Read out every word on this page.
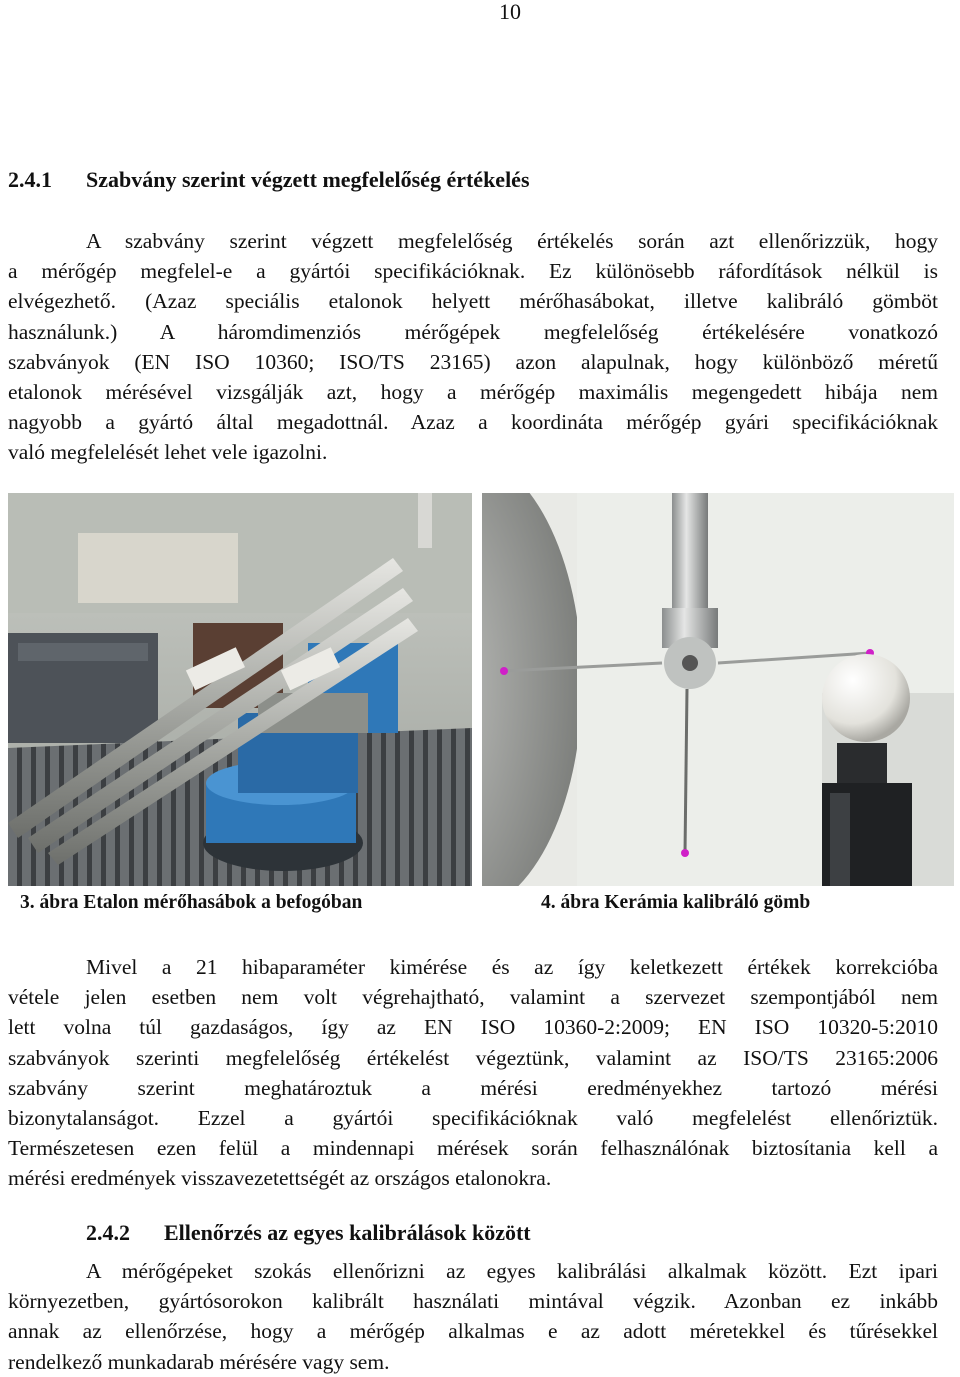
10
2.4.1 Szabvány szerint végzett megfelelőség értékelés
A szabvány szerint végzett megfelelőség értékelés során azt ellenőrizzük, hogy
a mérőgép megfelel-e a gyártói specifikációknak. Ez különösebb ráfordítások nélkül is
elvégezhető. (Azaz speciális etalonok helyett mérőhasábokat, illetve kalibráló gömböt
használunk.) A háromdimenziós mérőgépek megfelelőség értékelésére vonatkozó
szabványok (EN ISO 10360; ISO/TS 23165) azon alapulnak, hogy különböző méretű
etalonok mérésével vizsgálják azt, hogy a mérőgép maximális megengedett hibája nem
nagyobb a gyártó által megadottnál. Azaz a koordináta mérőgép gyári specifikációknak
való megfelelését lehet vele igazolni.
3. ábra Etalon mérőhasábok a befogóban	4. ábra Kerámia kalibráló gömb
Mivel a 21 hibaparaméter kimérése és az így keletkezett értékek korrekcióba
vétele jelen esetben nem volt végrehajtható, valamint a szervezet szempontjából nem
lett volna túl gazdaságos, így az EN ISO 10360-2:2009; EN ISO 10320-5:2010
szabványok szerinti megfelelőség értékelést végeztünk, valamint az ISO/TS 23165:2006
szabvány szerint meghatároztuk a mérési eredményekhez tartozó mérési
bizonytalanságot. Ezzel a gyártói specifikációknak való megfelelést ellenőriztük.
Természetesen ezen felül a mindennapi mérések során felhasználónak biztosítania kell a
mérési eredmények visszavezetettségét az országos etalonokra.
2.4.2 Ellenőrzés az egyes kalibrálások között
A mérőgépeket szokás ellenőrizni az egyes kalibrálási alkalmak között. Ezt ipari
környezetben, gyártósorokon kalibrált használati mintával végzik. Azonban ez inkább
annak az ellenőrzése, hogy a mérőgép alkalmas e az adott méretekkel és tűrésekkel
rendelkező munkadarab mérésére vagy sem.
